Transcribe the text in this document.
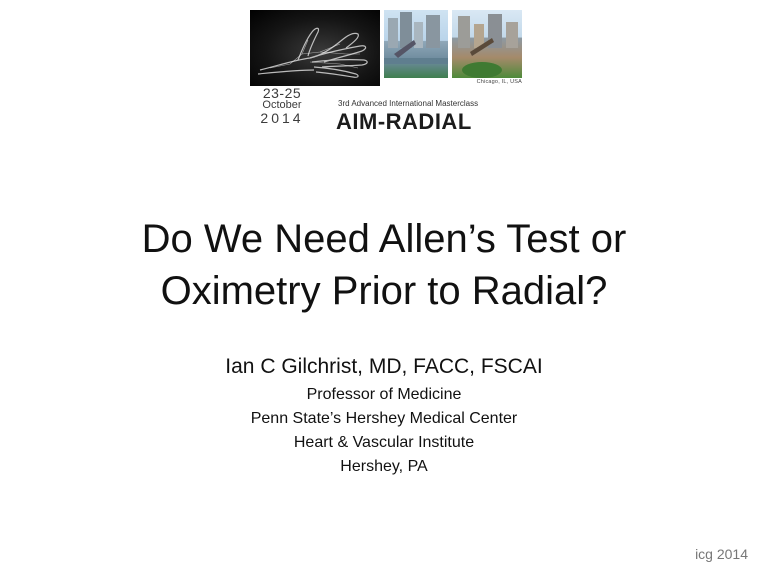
Chicago, IL, USA
23-25
October
2014
3rd Advanced International Masterclass
AIM-RADIAL
Do We Need Allen’s Test or
Oximetry Prior to Radial?
Ian C Gilchrist, MD, FACC, FSCAI
Professor of Medicine
Penn State’s Hershey Medical Center
Heart & Vascular Institute
Hershey, PA
icg 2014
